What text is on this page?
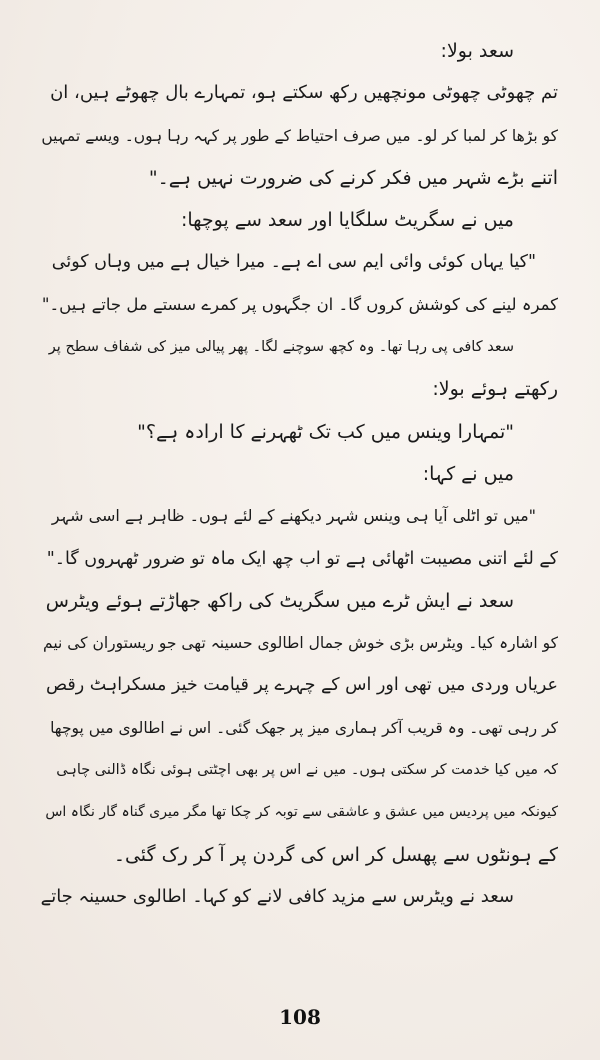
سعد بولا:
تم چھوٹی چھوٹی مونچھیں رکھ سکتے ہو، تمہارے بال چھوٹے ہیں، ان
کو بڑھا کر لمبا کر لو۔ میں صرف احتیاط کے طور پر کہہ رہا ہوں۔ ویسے تمہیں
اتنے بڑے شہر میں فکر کرنے کی ضرورت نہیں ہے۔"
میں نے سگریٹ سلگایا اور سعد سے پوچھا:
"کیا یہاں کوئی وائی ایم سی اے ہے۔ میرا خیال ہے میں وہاں کوئی
کمرہ لینے کی کوشش کروں گا۔ ان جگہوں پر کمرے سستے مل جاتے ہیں۔"
سعد کافی پی رہا تھا۔ وہ کچھ سوچنے لگا۔ پھر پیالی میز کی شفاف سطح پر
رکھتے ہوئے بولا:
"تمہارا وینس میں کب تک ٹھہرنے کا ارادہ ہے؟"
میں نے کہا:
"میں تو اٹلی آیا ہی وینس شہر دیکھنے کے لئے ہوں۔ ظاہر ہے اسی شہر
کے لئے اتنی مصیبت اٹھائی ہے تو اب چھ ایک ماہ تو ضرور ٹھہروں گا۔"
سعد نے ایش ٹرے میں سگریٹ کی راکھ جھاڑتے ہوئے ویٹرس
کو اشارہ کیا۔ ویٹرس بڑی خوش جمال اطالوی حسینہ تھی جو ریستوران کی نیم
عریاں وردی میں تھی اور اس کے چہرے پر قیامت خیز مسکراہٹ رقص
کر رہی تھی۔ وہ قریب آکر ہماری میز پر جھک گئی۔ اس نے اطالوی میں پوچھا
کہ میں کیا خدمت کر سکتی ہوں۔ میں نے اس پر بھی اچٹتی ہوئی نگاہ ڈالنی چاہی
کیونکہ میں پردیس میں عشق و عاشقی سے توبہ کر چکا تھا مگر میری گناہ گار نگاہ اس
کے ہونٹوں سے پھسل کر اس کی گردن پر آ کر رک گئی۔
سعد نے ویٹرس سے مزید کافی لانے کو کہا۔ اطالوی حسینہ جاتے
108
